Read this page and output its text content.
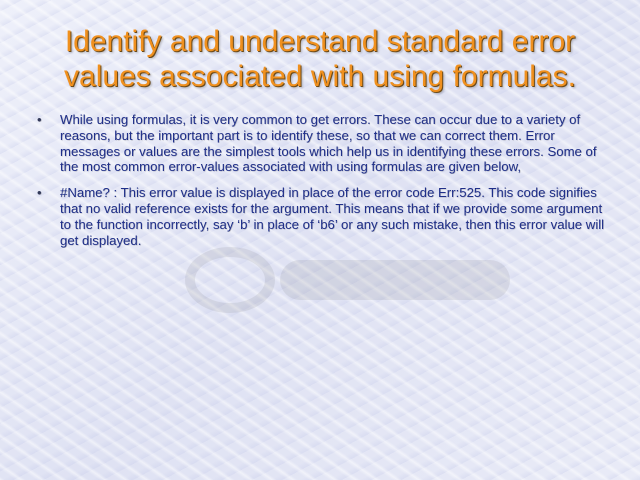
Identify and understand standard error values associated with using formulas.
• While using formulas, it is very common to get errors. These can occur due to a variety of reasons, but the important part is to identify these, so that we can correct them. Error messages or values are the simplest tools which help us in identifying these errors. Some of the most common error-values associated with using formulas are given below,
• #Name? : This error value is displayed in place of the error code Err:525. This code signifies that no valid reference exists for the argument. This means that if we provide some argument to the function incorrectly, say ‘b’ in place of ‘b6’ or any such mistake, then this error value will get displayed.
